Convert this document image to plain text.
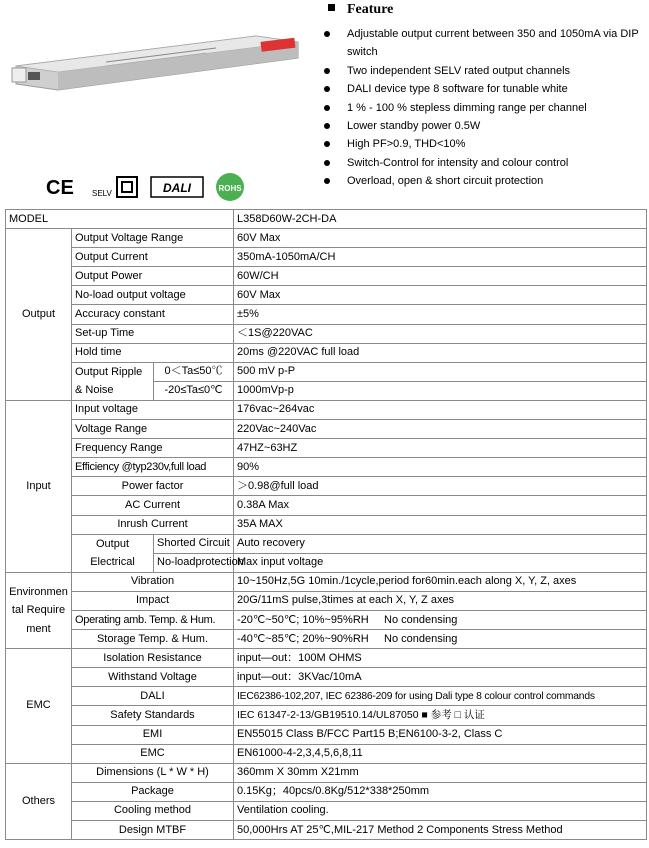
CE SELV	DALI	ROHS
Feature
Adjustable output current between 350 and 1050mA via DIP switch
Two independent SELV rated output channels
DALI device type 8 software for tunable white
1 % - 100 % stepless dimming range per channel
Lower standby power 0.5W
High PF>0.9, THD<10%
Switch-Control for intensity and colour control
Overload, open & short circuit protection
MODEL			L358D60W-2CH-DA
Output	Output Voltage Range		60V Max
	Output Current		350mA-1050mA/CH
	Output Power		60W/CH
	No-load output voltage		60V Max
	Accuracy constant		±5%
	Set-up Time		＜1S@220VAC
	Hold time		20ms @220VAC full load
	Output Ripple & Noise	0＜Ta≤50℃	500 mV p-P
		-20≤Ta≤0℃	1000mVp-p
Input	Input voltage		176vac~264vac
	Voltage Range		220Vac~240Vac
	Frequency Range		47HZ~63HZ
	Efficiency @typ230v,full load		90%
	Power factor		＞0.98@full load
	AC Current		0.38A Max
	Inrush Current		35A MAX
	Output Electrical	Shorted Circuit	Auto recovery
		No-loadprotection	Max input voltage
Environmental Requirement	Vibration		10~150Hz,5G 10min./1cycle,period for60min.each along X, Y, Z, axes
	Impact		20G/11mS pulse,3times at each X, Y, Z axes
	Operating amb. Temp. & Hum.		-20℃~50℃; 10%~95%RH     No condensing
	Storage Temp. & Hum.		-40℃~85℃; 20%~90%RH     No condensing
EMC	Isolation Resistance		input—out：100M OHMS
	Withstand Voltage		input—out：3KVac/10mA
	DALI		IEC62386-102,207, IEC 62386-209 for using Dali type 8 colour control commands
	Safety Standards		IEC 61347-2-13/GB19510.14/UL87050 ■ 参考 □ 认证
	EMI		EN55015 Class B/FCC Part15 B;EN6100-3-2, Class C
	EMC		EN61000-4-2,3,4,5,6,8,11
Others	Dimensions (L * W * H)		360mm X 30mm X21mm
	Package		0.15Kg；40pcs/0.8Kg/512*338*250mm
	Cooling method		Ventilation cooling.
	Design MTBF		50,000Hrs AT 25℃,MIL-217 Method 2 Components Stress Method
